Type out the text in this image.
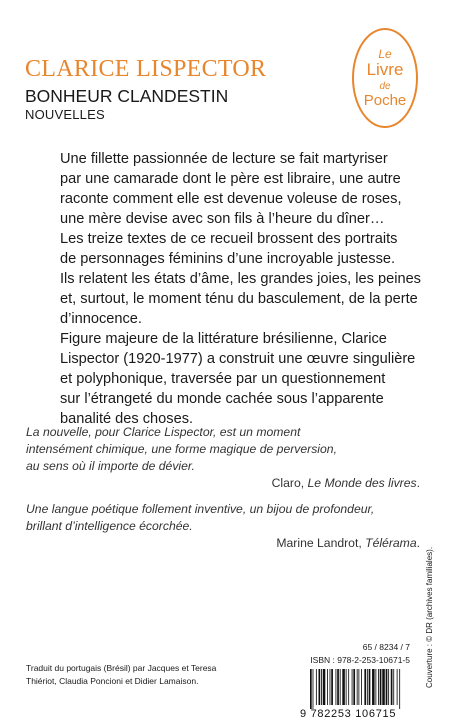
CLARICE LISPECTOR
BONHEUR CLANDESTIN
NOUVELLES
Le
Livre
de
Poche
Une fillette passionnée de lecture se fait martyriser
par une camarade dont le père est libraire, une autre
raconte comment elle est devenue voleuse de roses,
une mère devise avec son fils à l’heure du dîner…
Les treize textes de ce recueil brossent des portraits
de personnages féminins d’une incroyable justesse.
Ils relatent les états d’âme, les grandes joies, les peines
et, surtout, le moment ténu du basculement, de la perte
d’innocence.
Figure majeure de la littérature brésilienne, Clarice
Lispector (1920-1977) a construit une œuvre singulière
et polyphonique, traversée par un questionnement
sur l’étrangeté du monde cachée sous l’apparente
banalité des choses.
La nouvelle, pour Clarice Lispector, est un moment
intensément chimique, une forme magique de perversion,
au sens où il importe de dévier.
Claro, Le Monde des livres.
Une langue poétique follement inventive, un bijou de profondeur,
brillant d’intelligence écorchée.
Marine Landrot, Télérama.
Couverture : © DR (archives familiales).
65 / 8234 / 7
ISBN : 978-2-253-10671-5
Traduit du portugais (Brésil) par Jacques et Teresa
Thiériot, Claudia Poncioni et Didier Lamaison.
9 782253 106715
